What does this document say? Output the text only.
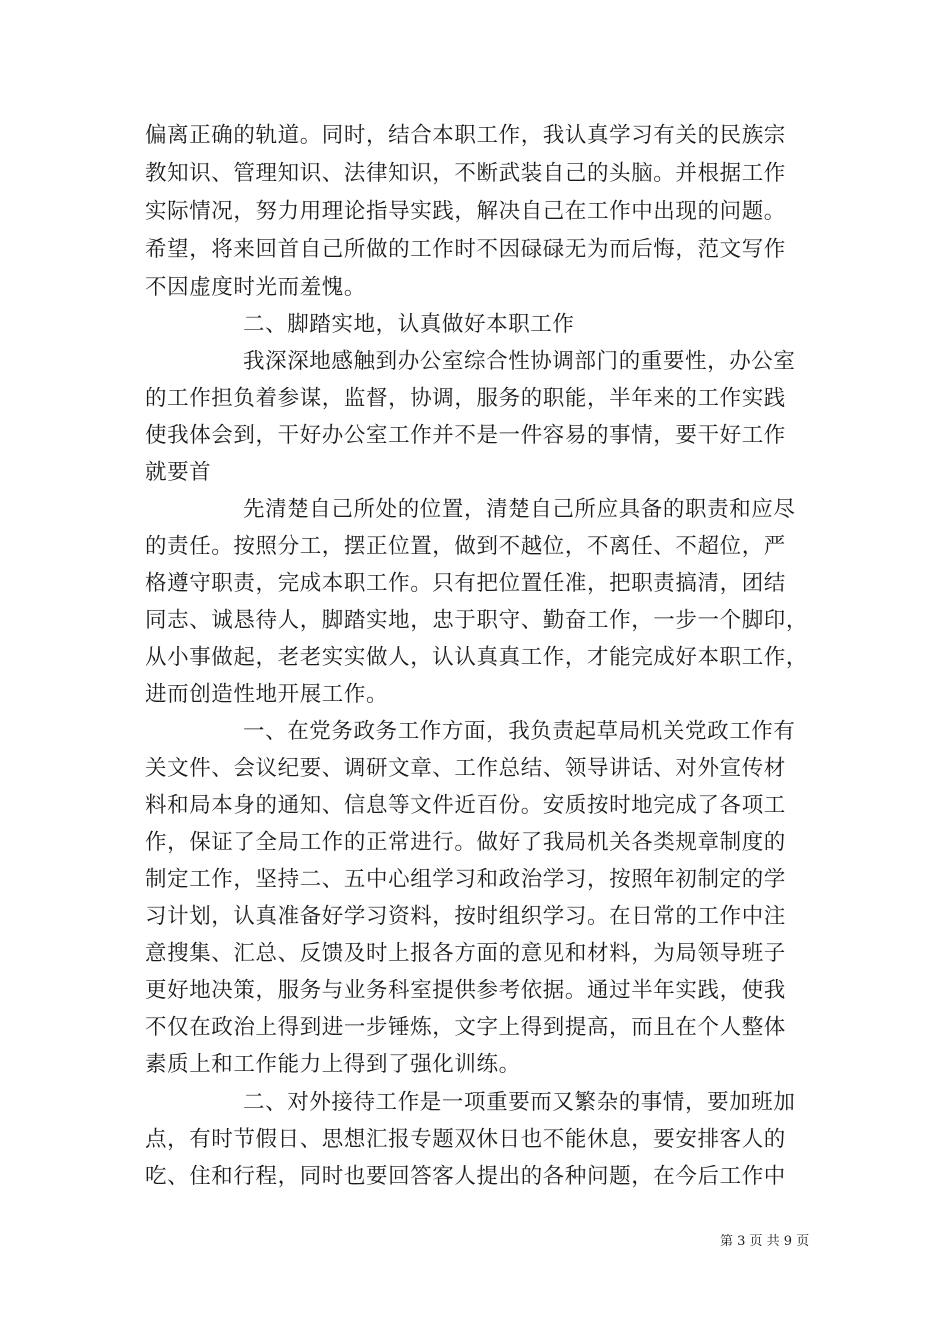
偏离正确的轨道。同时，结合本职工作，我认真学习有关的民族宗
教知识、管理知识、法律知识，不断武装自己的头脑。并根据工作
实际情况，努力用理论指导实践，解决自己在工作中出现的问题。
希望，将来回首自己所做的工作时不因碌碌无为而后悔，范文写作
不因虚度时光而羞愧。
二、脚踏实地，认真做好本职工作
我深深地感触到办公室综合性协调部门的重要性，办公室
的工作担负着参谋，监督，协调，服务的职能，半年来的工作实践
使我体会到，干好办公室工作并不是一件容易的事情，要干好工作
就要首
先清楚自己所处的位置，清楚自己所应具备的职责和应尽
的责任。按照分工，摆正位置，做到不越位，不离任、不超位，严
格遵守职责，完成本职工作。只有把位置任准，把职责搞清，团结
同志、诚恳待人，脚踏实地，忠于职守、勤奋工作，一步一个脚印，
从小事做起，老老实实做人，认认真真工作，才能完成好本职工作，
进而创造性地开展工作。
一、在党务政务工作方面，我负责起草局机关党政工作有
关文件、会议纪要、调研文章、工作总结、领导讲话、对外宣传材
料和局本身的通知、信息等文件近百份。安质按时地完成了各项工
作，保证了全局工作的正常进行。做好了我局机关各类规章制度的
制定工作，坚持二、五中心组学习和政治学习，按照年初制定的学
习计划，认真准备好学习资料，按时组织学习。在日常的工作中注
意搜集、汇总、反馈及时上报各方面的意见和材料，为局领导班子
更好地决策，服务与业务科室提供参考依据。通过半年实践，使我
不仅在政治上得到进一步锤炼，文字上得到提高，而且在个人整体
素质上和工作能力上得到了强化训练。
二、对外接待工作是一项重要而又繁杂的事情，要加班加
点，有时节假日、思想汇报专题双休日也不能休息，要安排客人的
吃、住和行程，同时也要回答客人提出的各种问题，在今后工作中
第 3 页 共 9 页
